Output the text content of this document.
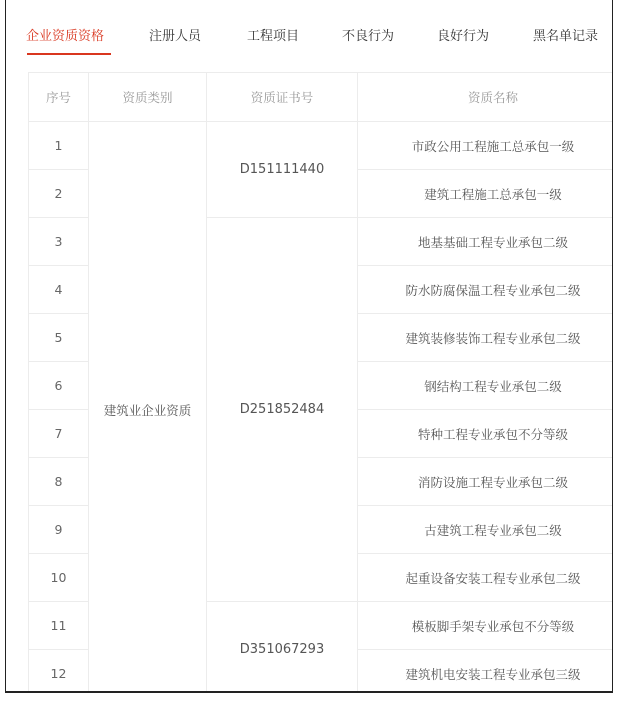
企业资质资格	注册人员	工程项目	不良行为	良好行为	黑名单记录
序号	资质类别	资质证书号	资质名称
1	建筑业企业资质	D151111440	市政公用工程施工总承包一级
2			建筑工程施工总承包一级
3		D251852484	地基基础工程专业承包二级
4			防水防腐保温工程专业承包二级
5			建筑装修装饰工程专业承包二级
6			钢结构工程专业承包二级
7			特种工程专业承包不分等级
8			消防设施工程专业承包二级
9			古建筑工程专业承包二级
10			起重设备安装工程专业承包二级
11		D351067293	模板脚手架专业承包不分等级
12			建筑机电安装工程专业承包三级
